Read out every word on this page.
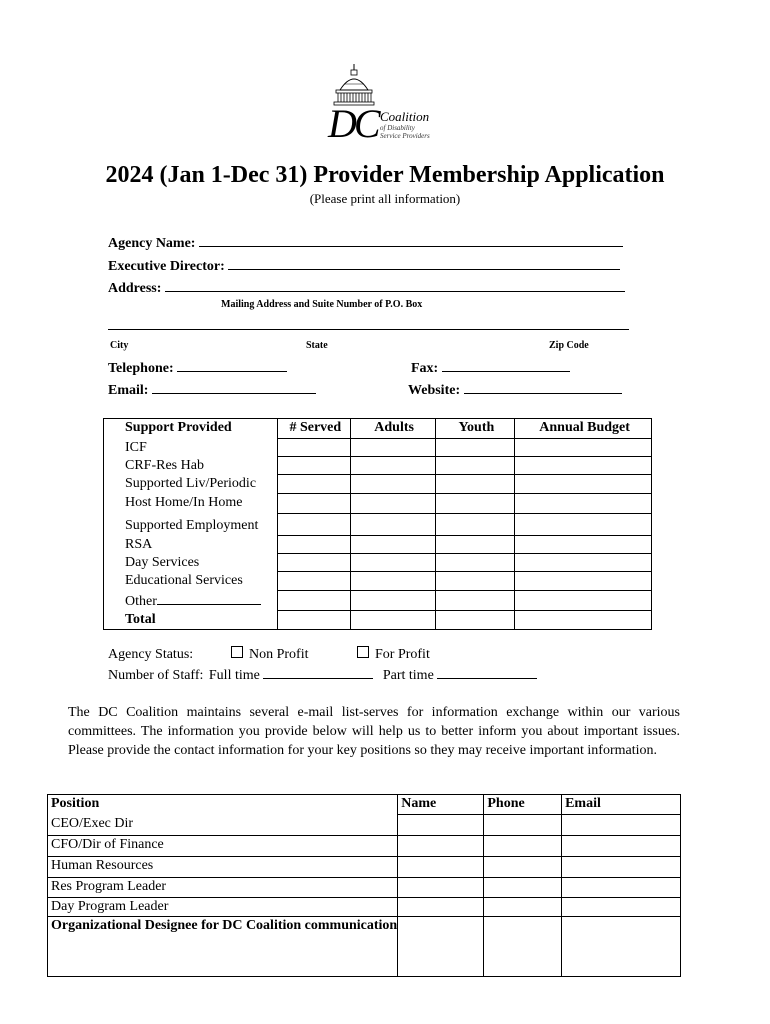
DC Coalition
of Disability
Service Providers
2024 (Jan 1-Dec 31) Provider Membership Application
(Please print all information)
Agency Name:
Executive Director:
Address:
Mailing Address and Suite Number of P.O. Box
City	State	Zip Code
Telephone:	Fax:
Email:	Website:
Support Provided	# Served	Adults	Youth	Annual Budget
ICF				
CRF-Res Hab				
Supported Liv/Periodic				
Host Home/In Home				
Supported Employment				
RSA				
Day Services				
Educational Services				
Other				
Total				
Agency Status:	Non Profit	For Profit
Number of Staff: Full time	Part time
The DC Coalition maintains several e-mail list-serves for information exchange within our various committees. The information you provide below will help us to better inform you about important issues. Please provide the contact information for your key positions so they may receive important information.
Position	Name	Phone	Email
CEO/Exec Dir			
CFO/Dir of Finance			
Human Resources			
Res Program Leader			
Day Program Leader			
Organizational Designee for DC Coalition communication			
